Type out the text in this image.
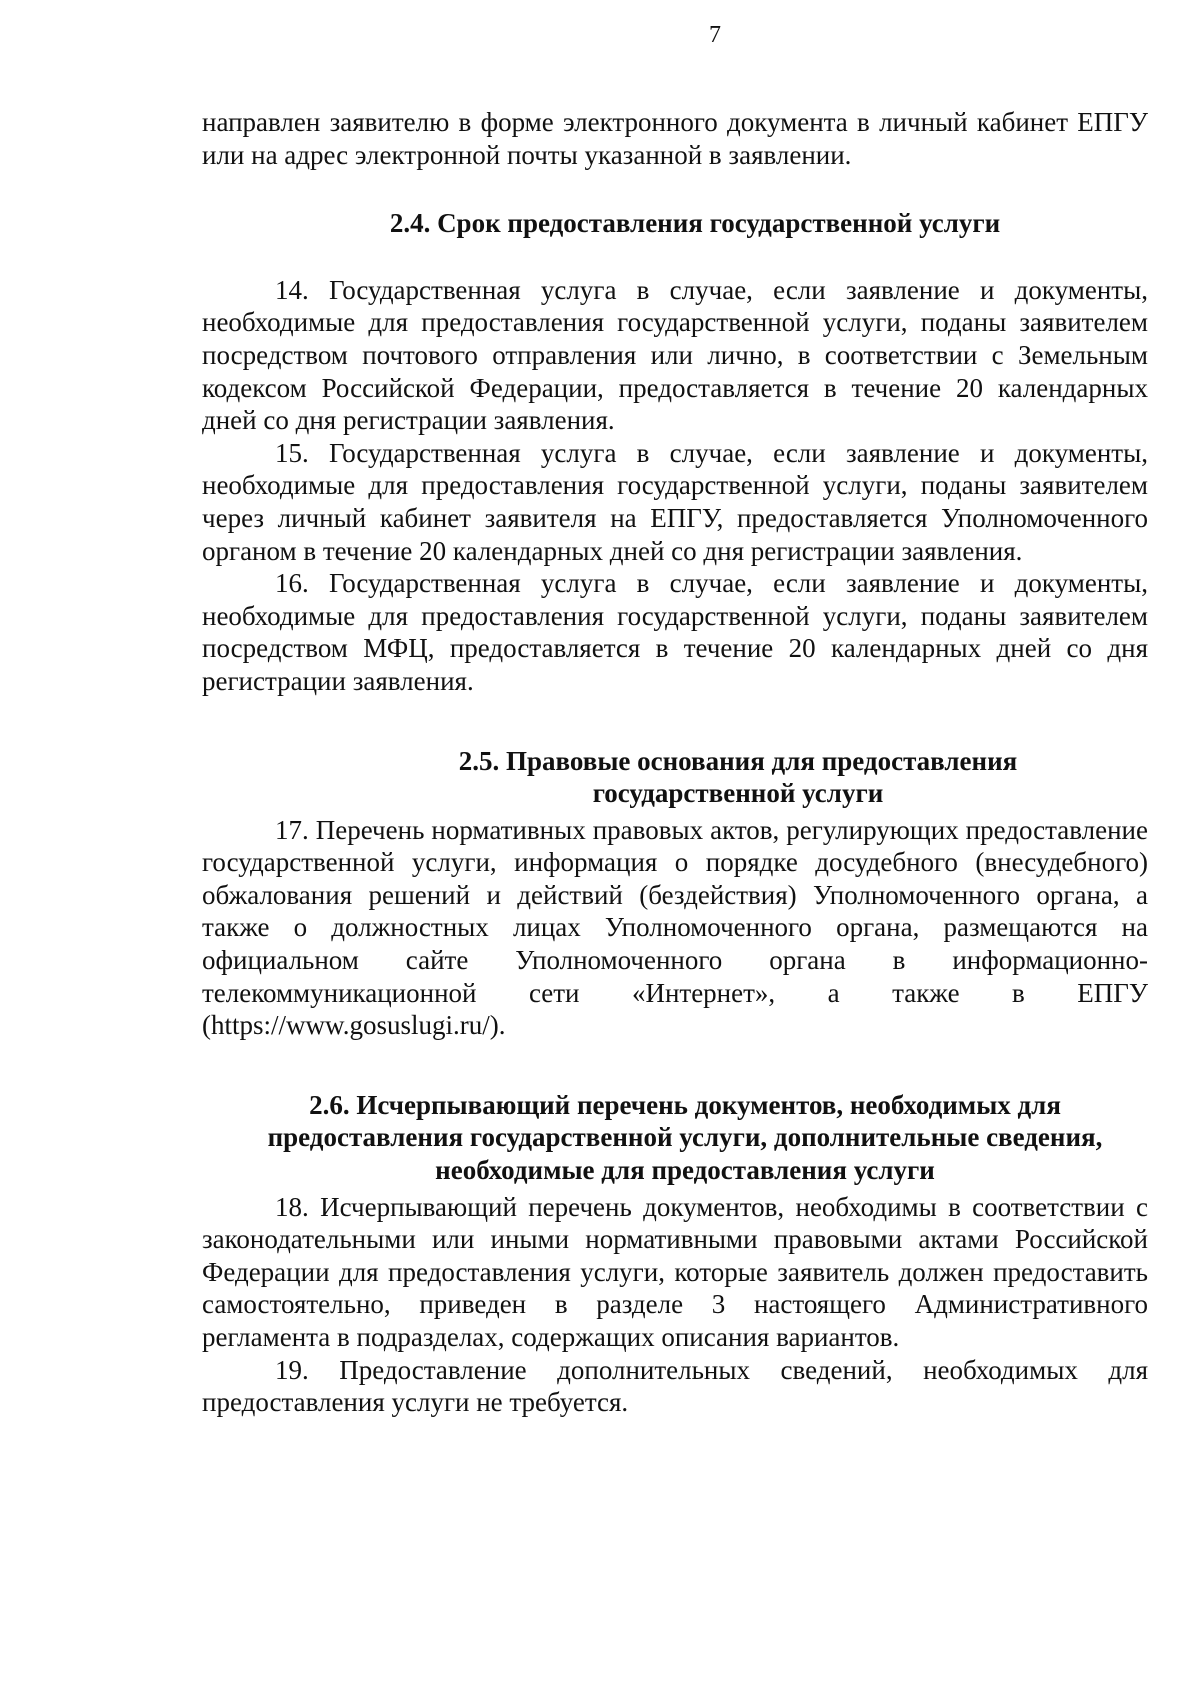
7

направлен заявителю в форме электронного документа в личный кабинет ЕПГУ или на адрес электронной почты указанной в заявлении.

2.4. Срок предоставления государственной услуги

14. Государственная услуга в случае, если заявление и документы, необходимые для предоставления государственной услуги, поданы заявителем посредством почтового отправления или лично, в соответствии с Земельным кодексом Российской Федерации, предоставляется в течение 20 календарных дней со дня регистрации заявления.

15. Государственная услуга в случае, если заявление и документы, необходимые для предоставления государственной услуги, поданы заявителем через личный кабинет заявителя на ЕПГУ, предоставляется Уполномоченного органом в течение 20 календарных дней со дня регистрации заявления.

16. Государственная услуга в случае, если заявление и документы, необходимые для предоставления государственной услуги, поданы заявителем посредством МФЦ, предоставляется в течение 20 календарных дней со дня регистрации заявления.

2.5. Правовые основания для предоставления
государственной услуги

17. Перечень нормативных правовых актов, регулирующих предоставление государственной услуги, информация о порядке досудебного (внесудебного) обжалования решений и действий (бездействия) Уполномоченного органа, а также о должностных лицах Уполномоченного органа, размещаются на официальном сайте Уполномоченного органа в информационно-телекоммуникационной сети «Интернет», а также в ЕПГУ (https://www.gosuslugi.ru/).

2.6. Исчерпывающий перечень документов, необходимых для
предоставления государственной услуги, дополнительные сведения,
необходимые для предоставления услуги

18. Исчерпывающий перечень документов, необходимы в соответствии с законодательными или иными нормативными правовыми актами Российской Федерации для предоставления услуги, которые заявитель должен предоставить самостоятельно, приведен в разделе 3 настоящего Административного регламента в подразделах, содержащих описания вариантов.

19. Предоставление дополнительных сведений, необходимых для предоставления услуги не требуется.
